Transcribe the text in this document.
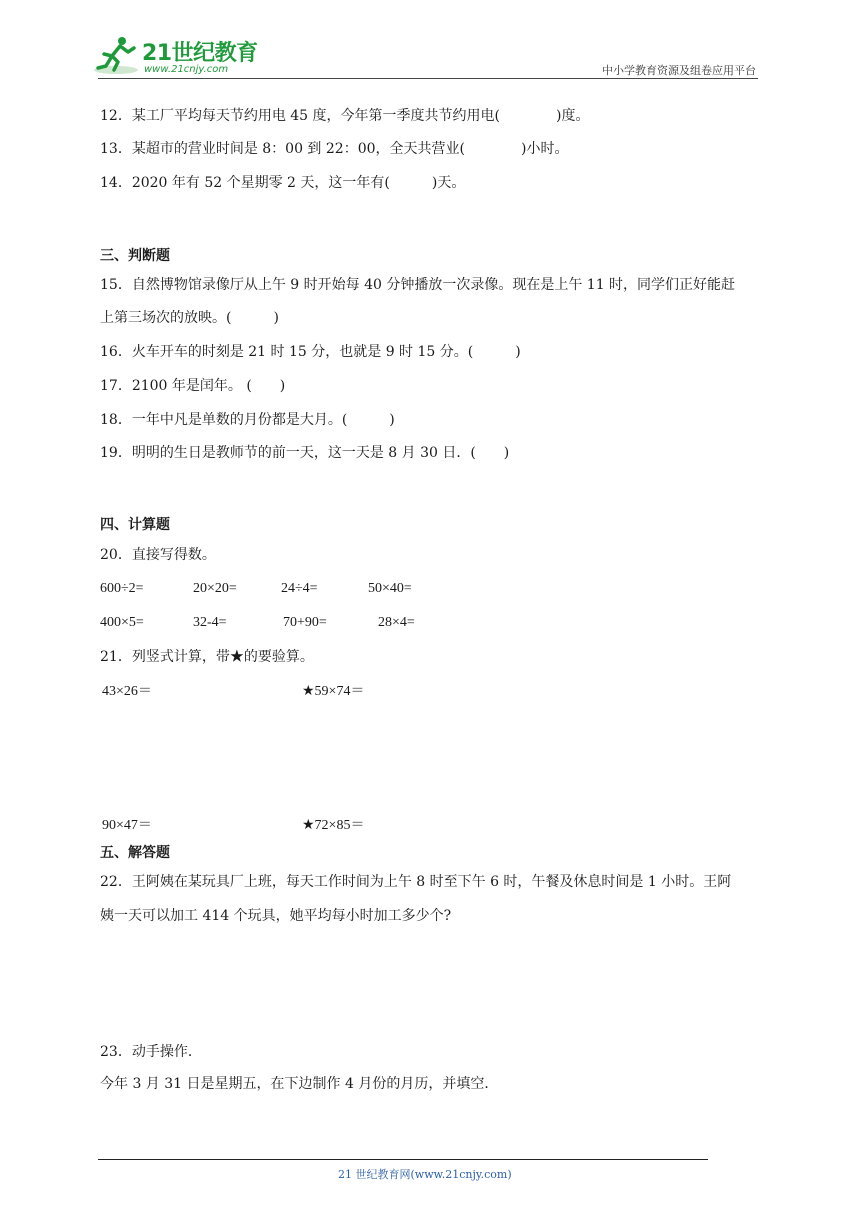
21世纪教育
www.21cnjy.com	中小学教育资源及组卷应用平台
12．某工厂平均每天节约用电 45 度，今年第一季度共节约用电(　　　　)度。
13．某超市的营业时间是 8：00 到 22：00，全天共营业(　　　　)小时。
14．2020 年有 52 个星期零 2 天，这一年有(　　　)天。
三、判断题
15．自然博物馆录像厅从上午 9 时开始每 40 分钟播放一次录像。现在是上午 11 时，同学们正好能赶
上第三场次的放映。(　　　)
16．火车开车的时刻是 21 时 15 分，也就是 9 时 15 分。(　　　)
17．2100 年是闰年。 (　　)
18．一年中凡是单数的月份都是大月。(　　　)
19．明明的生日是教师节的前一天，这一天是 8 月 30 日．(　　)
四、计算题
20．直接写得数。
600÷2=	20×20=	24÷4=	50×40=
400×5=	32-4=	70+90=	28×4=
21．列竖式计算，带★的要验算。
43×26＝	★59×74＝
90×47＝	★72×85＝
五、解答题
22．王阿姨在某玩具厂上班，每天工作时间为上午 8 时至下午 6 时，午餐及休息时间是 1 小时。王阿
姨一天可以加工 414 个玩具，她平均每小时加工多少个?
23．动手操作．
今年 3 月 31 日是星期五，在下边制作 4 月份的月历，并填空．
21 世纪教育网(www.21cnjy.com)
